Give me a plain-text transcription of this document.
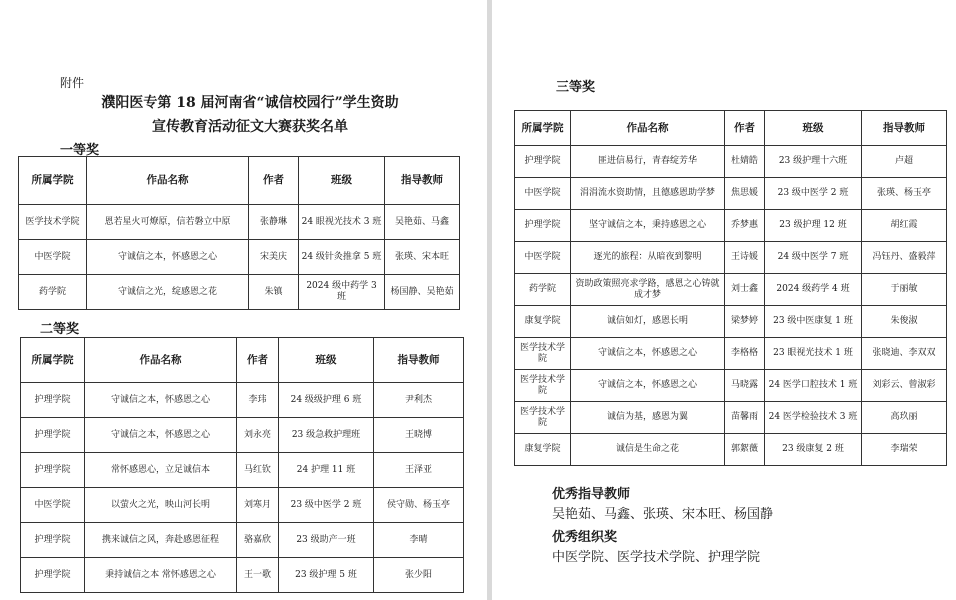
附件
濮阳医专第 18 届河南省“诚信校园行”学生资助
宣传教育活动征文大赛获奖名单
一等奖
所属学院	作品名称	作者	班级	指导教师
医学技术学院	恩若星火可燎原，信若磐立中原	张静琳	24 眼视光技术 3 班	吴艳茹、马鑫
中医学院	守诚信之本，怀感恩之心	宋美庆	24 级针灸推拿 5 班	张瑛、宋本旺
药学院	守诚信之光，绽感恩之花	朱镇	2024 级中药学 3 班	杨国静、吴艳茹
二等奖
所属学院	作品名称	作者	班级	指导教师
护理学院	守诚信之本，怀感恩之心	李玮	24 级级护理 6 班	尹利杰
护理学院	守诚信之本，怀感恩之心	刘永亮	23 级急救护理班	王晓博
护理学院	常怀感恩心，立足诚信本	马红钦	24 护理 11 班	王泽亚
中医学院	以萤火之光，映山河长明	刘寒月	23 级中医学 2 班	侯守勋、杨玉亭
护理学院	携来诚信之风，奔赴感恩征程	骆嘉欣	23 级助产一班	李晴
护理学院	秉持诚信之本 常怀感恩之心	王一歌	23 级护理 5 班	张少阳
三等奖
所属学院	作品名称	作者	班级	指导教师
护理学院	匪进信易行，青春绽芳华	杜婧皓	23 级护理十六班	卢超
中医学院	涓涓流水资助情，且德感恩助学梦	焦思媛	23 级中医学 2 班	张瑛、杨玉亭
护理学院	坚守诚信之本，秉持感恩之心	乔梦惠	23 级护理 12 班	胡红霞
中医学院	逐光的旅程：从暗夜到黎明	王诗媛	24 级中医学 7 班	冯钰丹、盛毅萍
药学院	资助政策照亮求学路，感恩之心铸就成才梦	刘士鑫	2024 级药学 4 班	于丽敏
康复学院	诚信如灯，感恩长明	梁梦婷	23 级中医康复 1 班	朱俊淑
医学技术学院	守诚信之本，怀感恩之心	李格格	23 眼视光技术 1 班	张晓迪、李双双
医学技术学院	守诚信之本，怀感恩之心	马晓露	24 医学口腔技术 1 班	刘彩云、曾淑彩
医学技术学院	诚信为基，感恩为翼	苗馨雨	24 医学检验技术 3 班	高玖丽
康复学院	诚信是生命之花	郭絮薇	23 级康复 2 班	李瑞荣
优秀指导教师
吴艳茹、马鑫、张瑛、宋本旺、杨国静
优秀组织奖
中医学院、医学技术学院、护理学院
